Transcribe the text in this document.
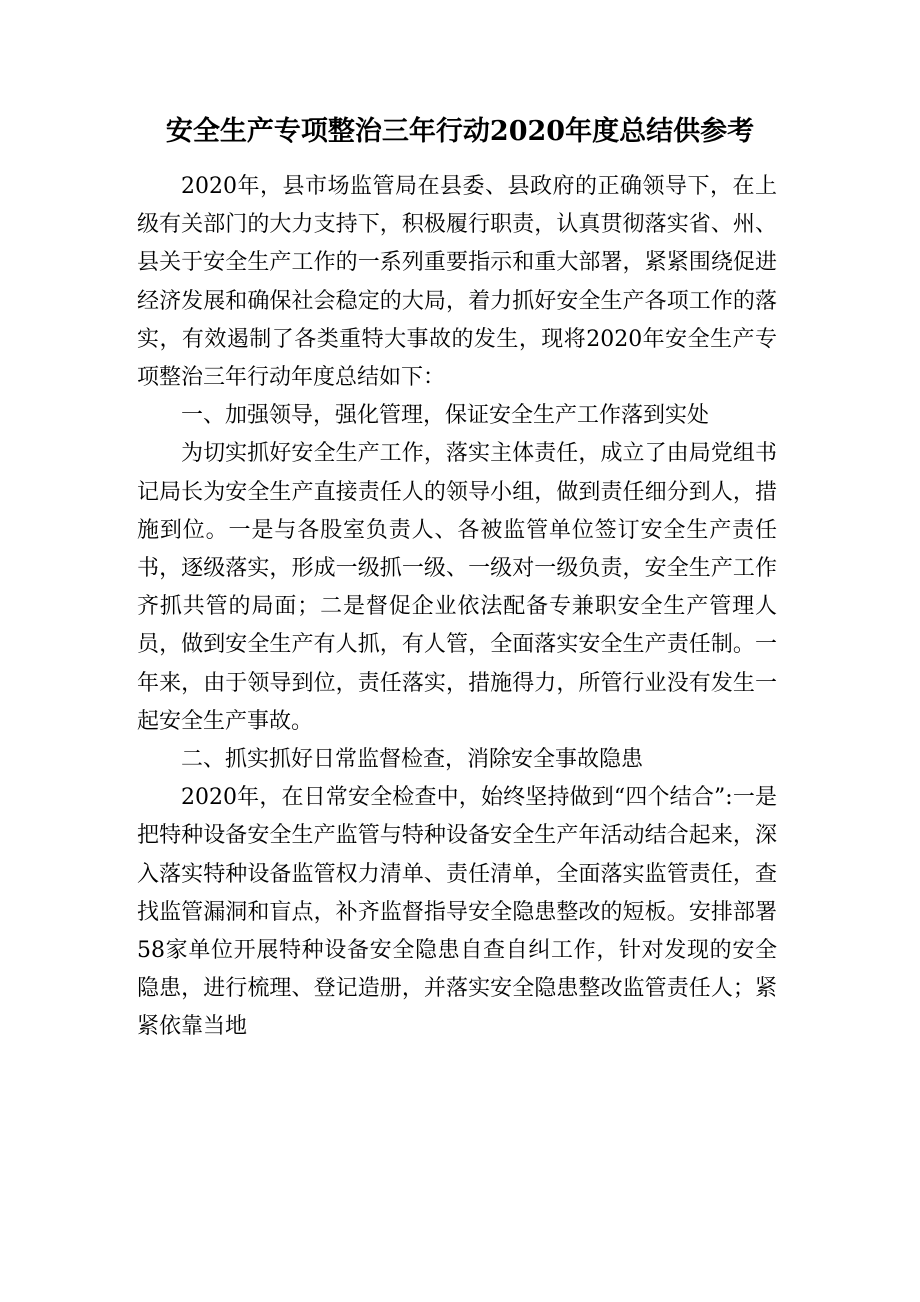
安全生产专项整治三年行动2020年度总结供参考

2020年，县市场监管局在县委、县政府的正确领导下，在上级有关部门的大力支持下，积极履行职责，认真贯彻落实省、州、县关于安全生产工作的一系列重要指示和重大部署，紧紧围绕促进经济发展和确保社会稳定的大局，着力抓好安全生产各项工作的落实，有效遏制了各类重特大事故的发生，现将2020年安全生产专项整治三年行动年度总结如下：

一、加强领导，强化管理，保证安全生产工作落到实处

为切实抓好安全生产工作，落实主体责任，成立了由局党组书记局长为安全生产直接责任人的领导小组，做到责任细分到人，措施到位。一是与各股室负责人、各被监管单位签订安全生产责任书，逐级落实，形成一级抓一级、一级对一级负责，安全生产工作齐抓共管的局面；二是督促企业依法配备专兼职安全生产管理人员，做到安全生产有人抓，有人管，全面落实安全生产责任制。一年来，由于领导到位，责任落实，措施得力，所管行业没有发生一起安全生产事故。

二、抓实抓好日常监督检查，消除安全事故隐患

2020年，在日常安全检查中，始终坚持做到“四个结合”:一是把特种设备安全生产监管与特种设备安全生产年活动结合起来，深入落实特种设备监管权力清单、责任清单，全面落实监管责任，查找监管漏洞和盲点，补齐监督指导安全隐患整改的短板。安排部署58家单位开展特种设备安全隐患自查自纠工作，针对发现的安全隐患，进行梳理、登记造册，并落实安全隐患整改监管责任人；紧紧依靠当地
